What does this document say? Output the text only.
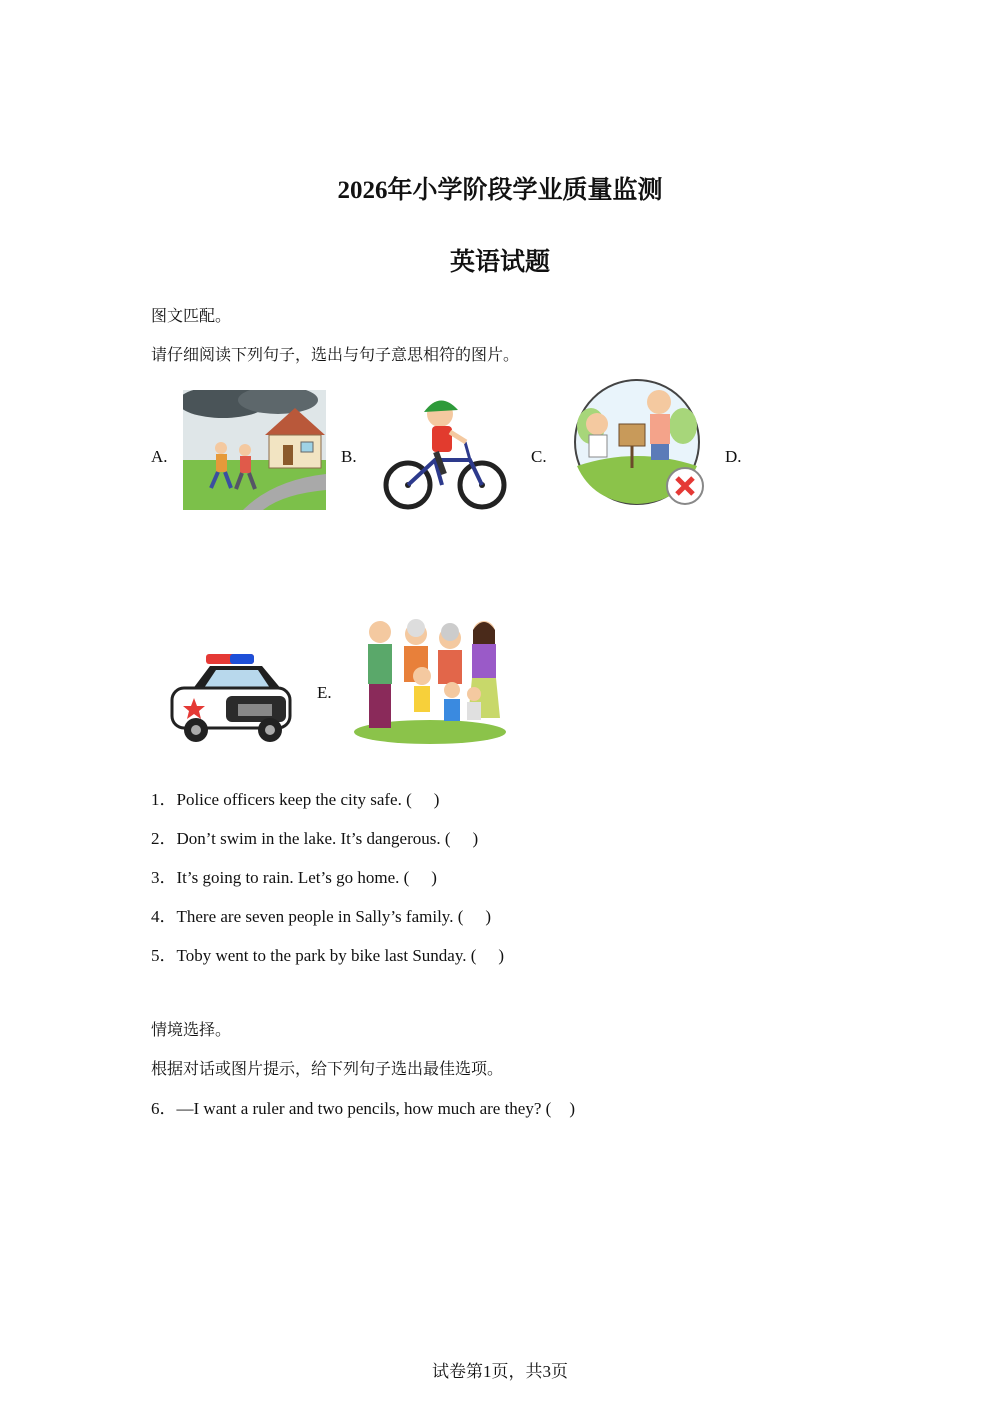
2026年小学阶段学业质量监测
英语试题
图文匹配。
请仔细阅读下列句子，选出与句子意思相符的图片。
A.	B.	C.	D.
E.
1．Police officers keep the city safe. ( )
2．Don’t swim in the lake. It’s dangerous. ( )
3．It’s going to rain. Let’s go home. ( )
4．There are seven people in Sally’s family. ( )
5．Toby went to the park by bike last Sunday. ( )
情境选择。
根据对话或图片提示，给下列句子选出最佳选项。
6．—I want a ruler and two pencils, how much are they? ( )
试卷第1页，共3页
